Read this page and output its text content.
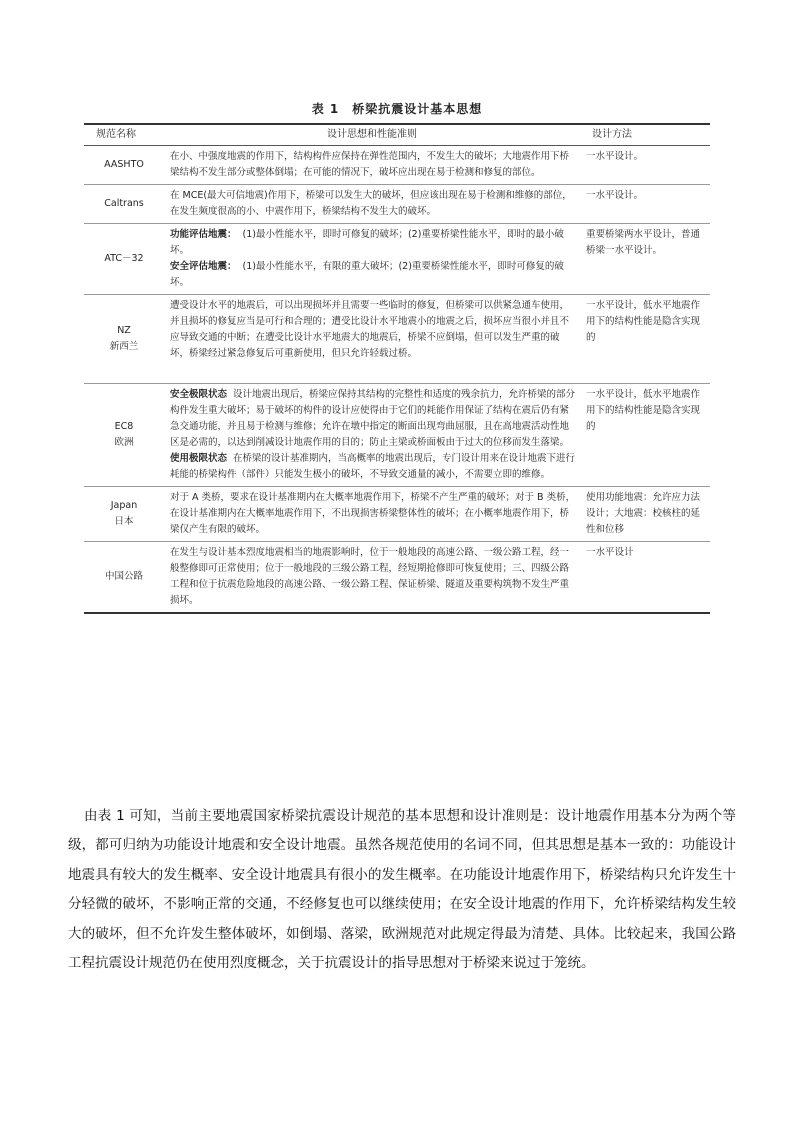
表 1　桥梁抗震设计基本思想
规范名称	设计思想和性能准则	设计方法

AASHTO	在小、中强度地震的作用下，结构构件应保持在弹性范围内，不发生大的破坏；大地震作用下桥梁结构不发生部分或整体倒塌；在可能的情况下，破坏应出现在易于检测和修复的部位。	一水平设计。

Caltrans	在 MCE(最大可信地震)作用下，桥梁可以发生大的破坏，但应该出现在易于检测和维修的部位，在发生频度很高的小、中震作用下，桥梁结构不发生大的破坏。	一水平设计。

ATC－32	功能评估地震： (1)最小性能水平，即时可修复的破坏；(2)重要桥梁性能水平，即时的最小破坏。
安全评估地震： (1)最小性能水平，有限的重大破坏；(2)重要桥梁性能水平，即时可修复的破坏。	重要桥梁两水平设计，普通桥梁一水平设计。

NZ
新西兰	遭受设计水平的地震后，可以出现损坏并且需要一些临时的修复，但桥梁可以供紧急通车使用，并且损坏的修复应当是可行和合理的；遭受比设计水平地震小的地震之后，损坏应当很小并且不应导致交通的中断；在遭受比设计水平地震大的地震后，桥梁不应倒塌，但可以发生严重的破坏，桥梁经过紧急修复后可重新使用，但只允许轻载过桥。	一水平设计，低水平地震作用下的结构性能是隐含实现的

EC8
欧洲	安全极限状态 设计地震出现后，桥梁应保持其结构的完整性和适度的残余抗力，允许桥梁的部分构件发生重大破坏；易于破坏的构件的设计应使得由于它们的耗能作用保证了结构在震后仍有紧急交通功能，并且易于检测与维修；允许在墩中指定的断面出现弯曲屈服，且在高地震活动性地区是必需的，以达到削减设计地震作用的目的；防止主梁或桥面板由于过大的位移而发生落梁。
使用极限状态 在桥梁的设计基准期内，当高概率的地震出现后，专门设计用来在设计地震下进行耗能的桥梁构件（部件）只能发生极小的破坏，不导致交通量的减小，不需要立即的维修。	一水平设计，低水平地震作用下的结构性能是隐含实现的

Japan
日本	对于 A 类桥，要求在设计基准期内在大概率地震作用下，桥梁不产生严重的破坏；对于 B 类桥，在设计基准期内在大概率地震作用下，不出现损害桥梁整体性的破坏；在小概率地震作用下，桥梁仅产生有限的破坏。	使用功能地震：允许应力法设计；大地震：校核柱的延性和位移

中国公路	在发生与设计基本烈度地震相当的地震影响时，位于一般地段的高速公路、一级公路工程，经一般整修即可正常使用；位于一般地段的三级公路工程，经短期抢修即可恢复使用；三、四级公路工程和位于抗震危险地段的高速公路、一级公路工程、保证桥梁、隧道及重要构筑物不发生严重损坏。	一水平设计

由表 1 可知，当前主要地震国家桥梁抗震设计规范的基本思想和设计准则是：设计地震作用基本分为两个等级，都可归纳为功能设计地震和安全设计地震。虽然各规范使用的名词不同，但其思想是基本一致的：功能设计地震具有较大的发生概率、安全设计地震具有很小的发生概率。在功能设计地震作用下，桥梁结构只允许发生十分轻微的破坏，不影响正常的交通，不经修复也可以继续使用；在安全设计地震的作用下，允许桥梁结构发生较大的破坏，但不允许发生整体破坏，如倒塌、落梁，欧洲规范对此规定得最为清楚、具体。比较起来，我国公路工程抗震设计规范仍在使用烈度概念，关于抗震设计的指导思想对于桥梁来说过于笼统。
